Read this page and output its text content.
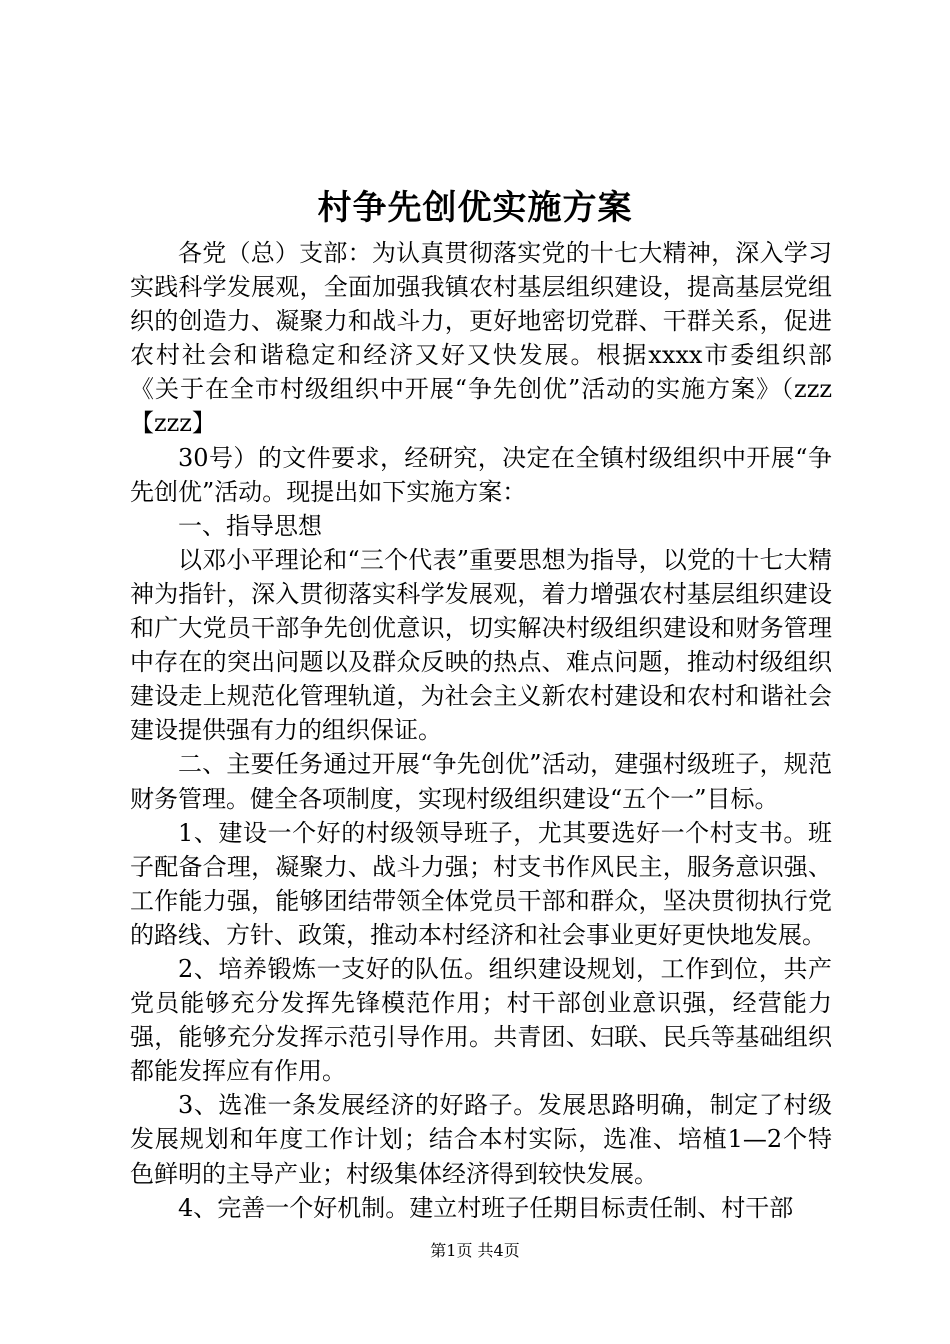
村争先创优实施方案

各党（总）支部：为认真贯彻落实党的十七大精神，深入学习实践科学发展观，全面加强我镇农村基层组织建设，提高基层党组织的创造力、凝聚力和战斗力，更好地密切党群、干群关系，促进农村社会和谐稳定和经济又好又快发展。根据xxxx市委组织部《关于在全市村级组织中开展“争先创优”活动的实施方案》（zzz【zzz】

30号）的文件要求，经研究，决定在全镇村级组织中开展“争先创优”活动。现提出如下实施方案：

一、指导思想

以邓小平理论和“三个代表”重要思想为指导，以党的十七大精神为指针，深入贯彻落实科学发展观，着力增强农村基层组织建设和广大党员干部争先创优意识，切实解决村级组织建设和财务管理中存在的突出问题以及群众反映的热点、难点问题，推动村级组织建设走上规范化管理轨道，为社会主义新农村建设和农村和谐社会建设提供强有力的组织保证。

二、主要任务通过开展“争先创优”活动，建强村级班子，规范财务管理。健全各项制度，实现村级组织建设“五个一”目标。

1、建设一个好的村级领导班子，尤其要选好一个村支书。班子配备合理，凝聚力、战斗力强；村支书作风民主，服务意识强、工作能力强，能够团结带领全体党员干部和群众，坚决贯彻执行党的路线、方针、政策，推动本村经济和社会事业更好更快地发展。

2、培养锻炼一支好的队伍。组织建设规划，工作到位，共产党员能够充分发挥先锋模范作用；村干部创业意识强，经营能力强，能够充分发挥示范引导作用。共青团、妇联、民兵等基础组织都能发挥应有作用。

3、选准一条发展经济的好路子。发展思路明确，制定了村级发展规划和年度工作计划；结合本村实际，选准、培植1—2个特色鲜明的主导产业；村级集体经济得到较快发展。

4、完善一个好机制。建立村班子任期目标责任制、村干部

第1页 共4页
